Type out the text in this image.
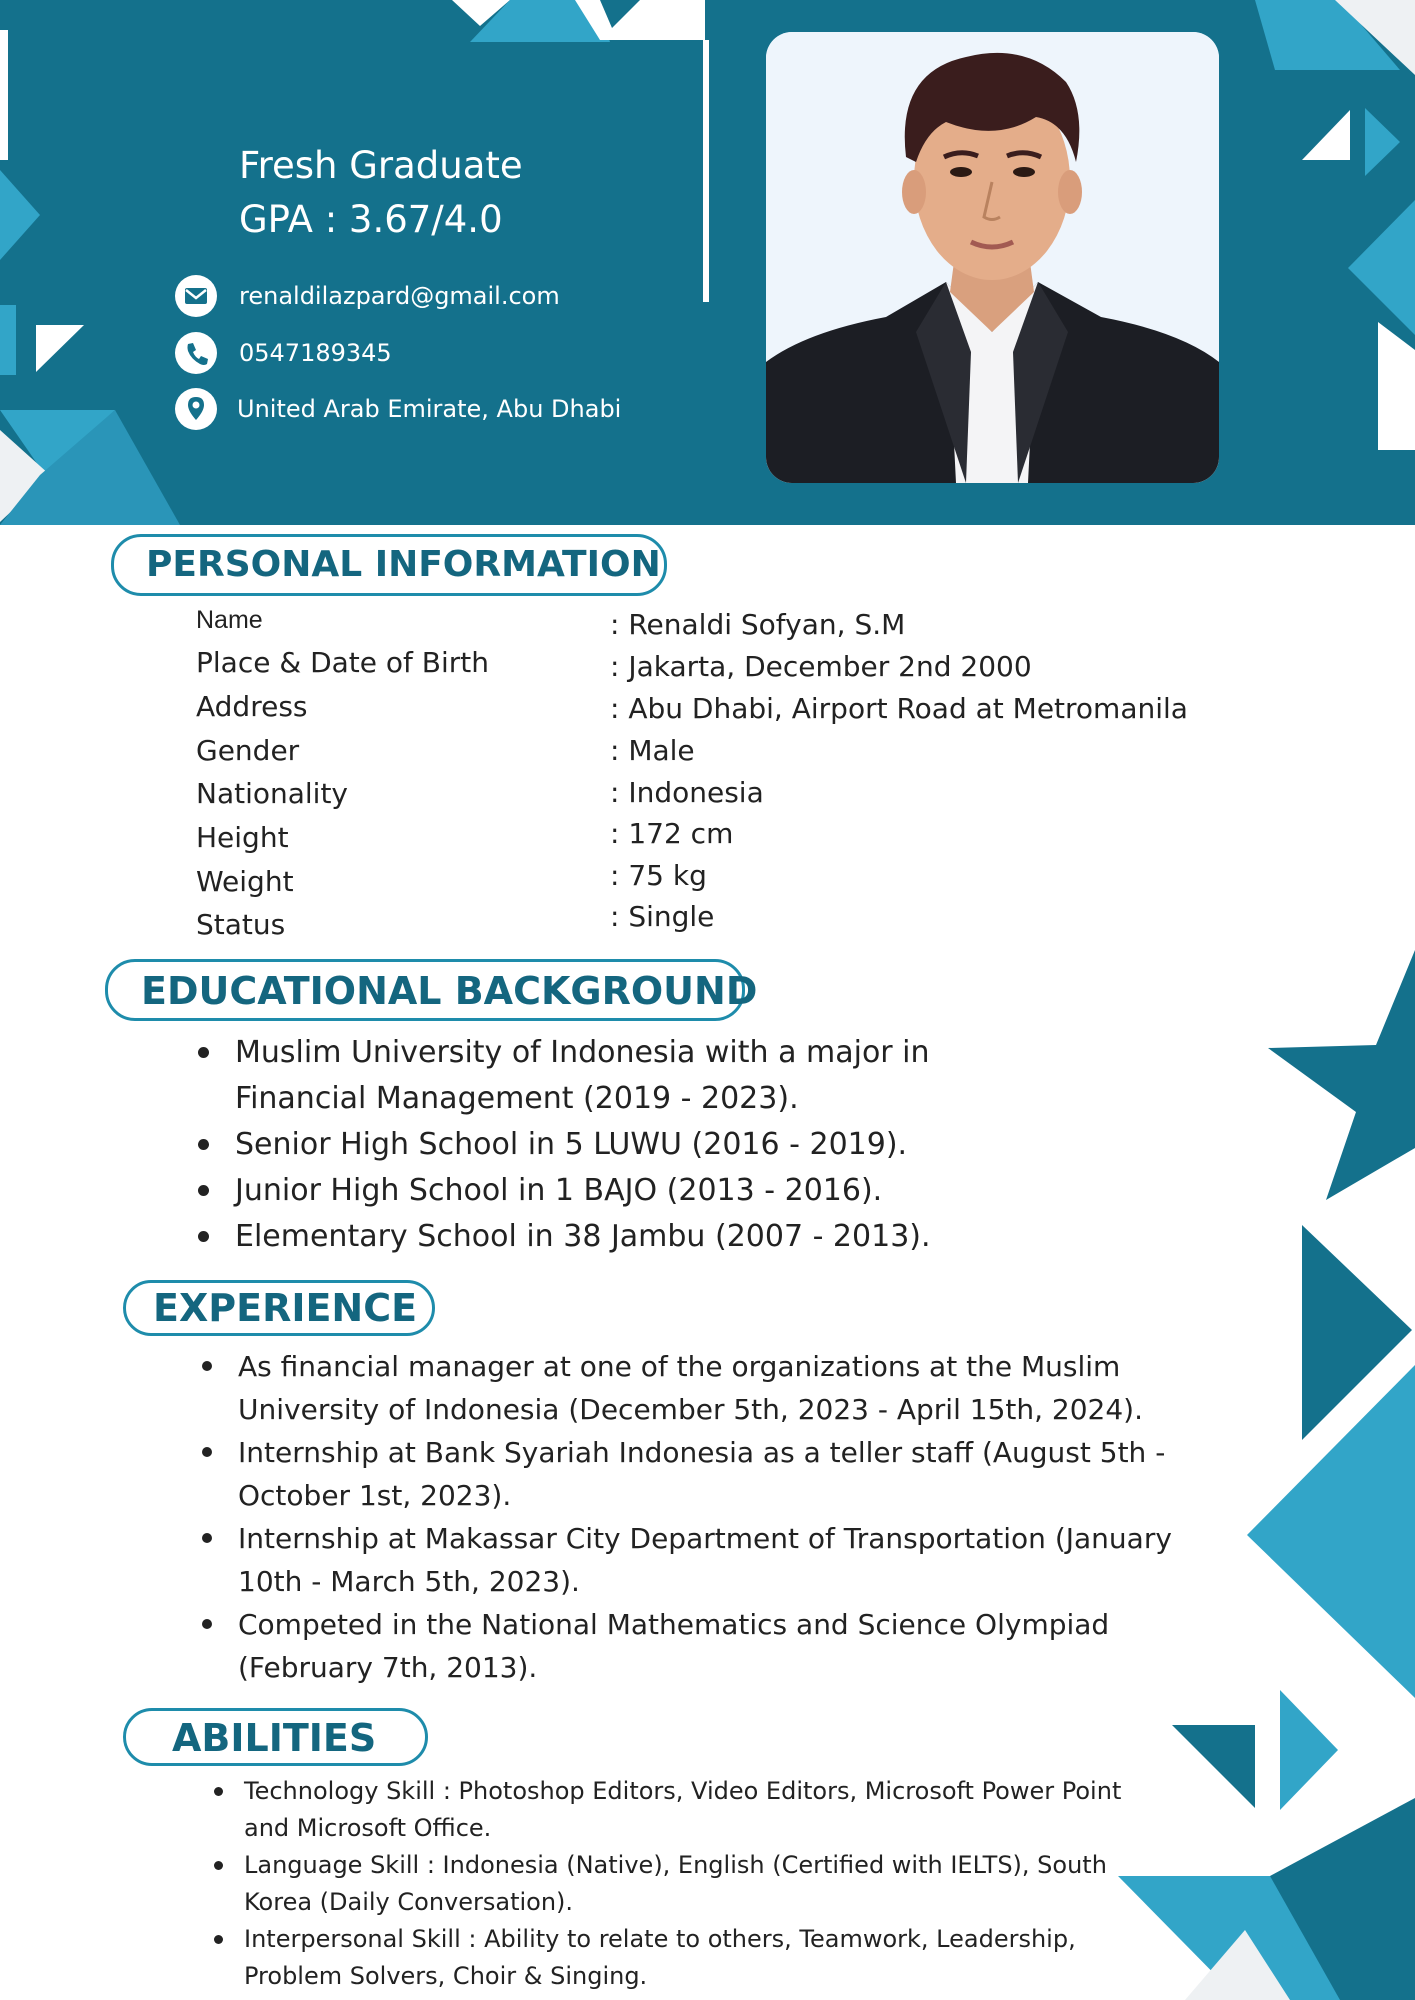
Fresh Graduate
GPA : 3.67/4.0
renaldilazpard@gmail.com
0547189345
United Arab Emirate, Abu Dhabi
PERSONAL INFORMATION
Name	: Renaldi Sofyan, S.M
Place & Date of Birth	: Jakarta, December 2nd 2000
Address	: Abu Dhabi, Airport Road at Metromanila
Gender	: Male
Nationality	: Indonesia
Height	: 172 cm
Weight	: 75 kg
Status	: Single
EDUCATIONAL BACKGROUND
Muslim University of Indonesia with a major in Financial Management (2019 - 2023).
Senior High School in 5 LUWU (2016 - 2019).
Junior High School in 1 BAJO (2013 - 2016).
Elementary School in 38 Jambu (2007 - 2013).
EXPERIENCE
As financial manager at one of the organizations at the Muslim University of Indonesia (December 5th, 2023 - April 15th, 2024).
Internship at Bank Syariah Indonesia as a teller staff (August 5th - October 1st, 2023).
Internship at Makassar City Department of Transportation (January 10th - March 5th, 2023).
Competed in the National Mathematics and Science Olympiad (February 7th, 2013).
ABILITIES
Technology Skill : Photoshop Editors, Video Editors, Microsoft Power Point and Microsoft Office.
Language Skill : Indonesia (Native), English (Certified with IELTS), South Korea (Daily Conversation).
Interpersonal Skill : Ability to relate to others, Teamwork, Leadership, Problem Solvers, Choir & Singing.
